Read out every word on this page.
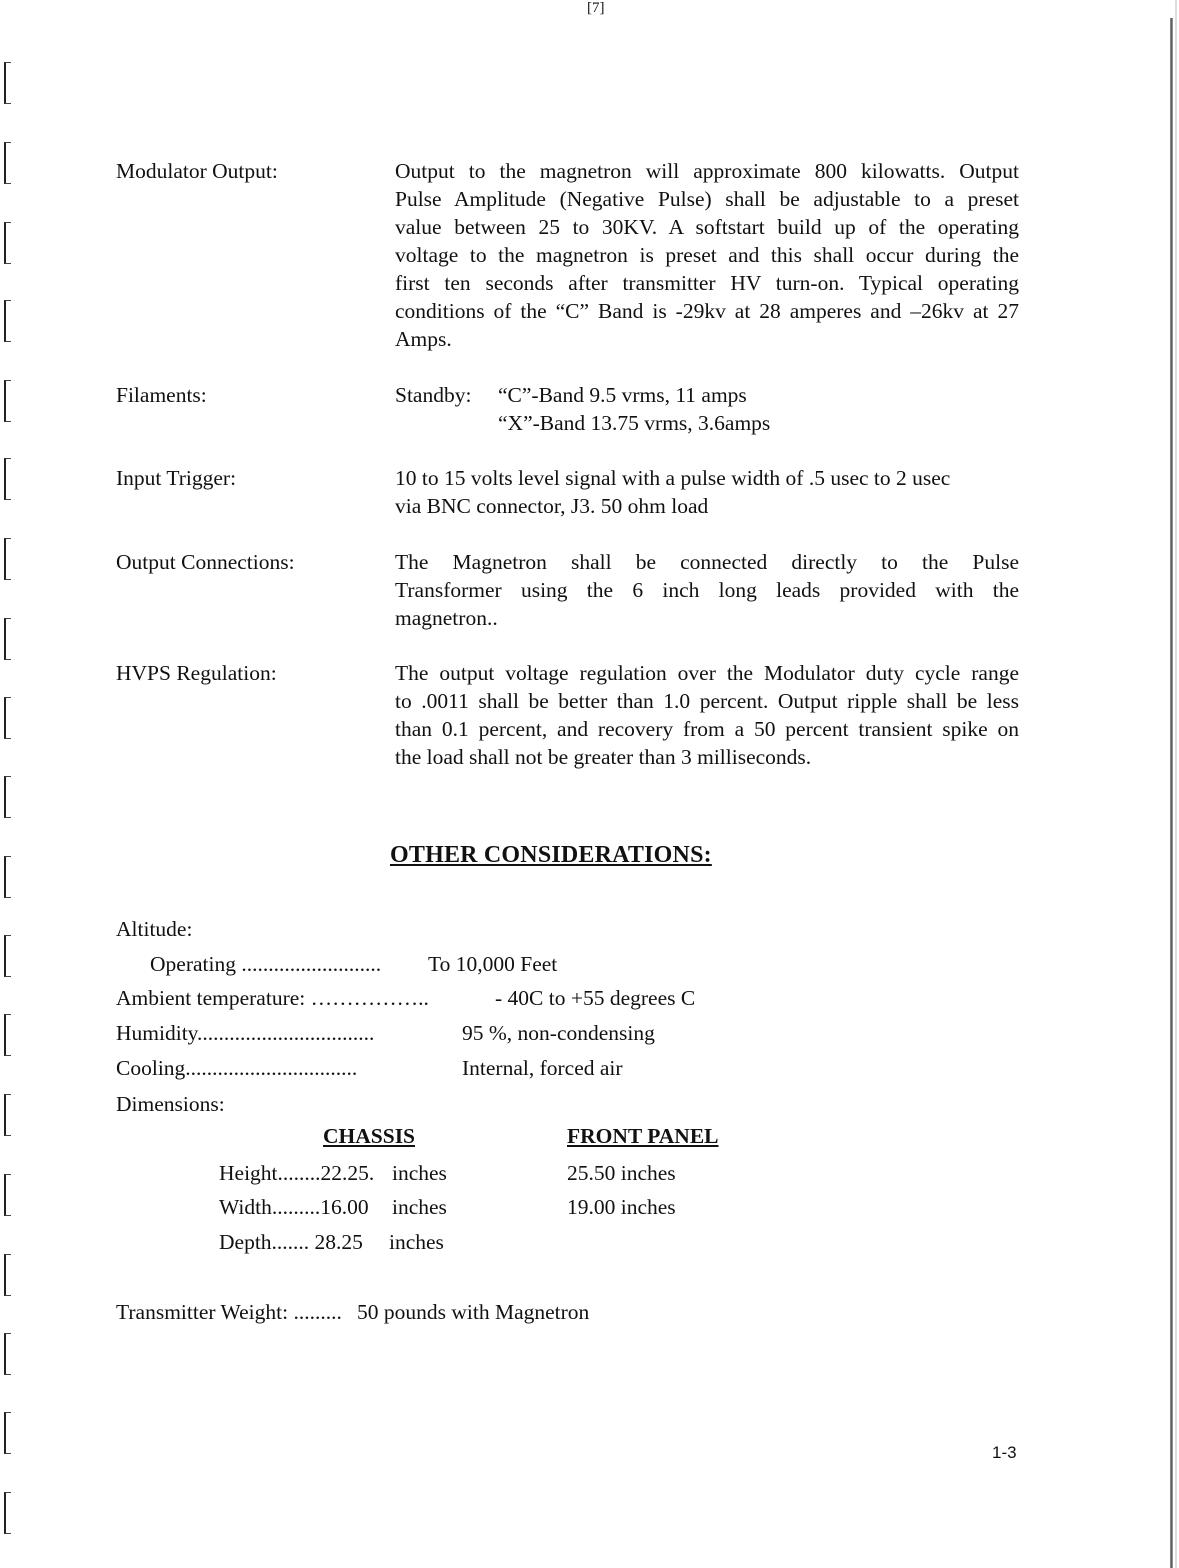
[7]
Modulator Output:	Output to the magnetron will approximate 800 kilowatts. Output
Pulse Amplitude (Negative Pulse) shall be adjustable to a preset
value between 25 to 30KV. A softstart build up of the operating
voltage to the magnetron is preset and this shall occur during the
first ten seconds after transmitter HV turn-on. Typical operating
conditions of the “C” Band is -29kv at 28 amperes and –26kv at 27
Amps.
Filaments:	Standby: “C”-Band 9.5 vrms, 11 amps
“X”-Band 13.75 vrms, 3.6amps
Input Trigger:	10 to 15 volts level signal with a pulse width of .5 usec to 2 usec
via BNC connector, J3. 50 ohm load
Output Connections:	The Magnetron shall be connected directly to the Pulse
Transformer using the 6 inch long leads provided with the
magnetron..
HVPS Regulation:	The output voltage regulation over the Modulator duty cycle range
to .0011 shall be better than 1.0 percent. Output ripple shall be less
than 0.1 percent, and recovery from a 50 percent transient spike on
the load shall not be greater than 3 milliseconds.
OTHER CONSIDERATIONS:
Altitude:
Operating .......................... To 10,000 Feet
Ambient temperature: ……………..	- 40C to +55 degrees C
Humidity.................................	95 %, non-condensing
Cooling................................	Internal, forced air
Dimensions:
CHASSIS	FRONT PANEL
Height........22.25. inches	25.50 inches
Width.........16.00 inches	19.00 inches
Depth....... 28.25 inches
Transmitter Weight: ......... 50 pounds with Magnetron
1-3
